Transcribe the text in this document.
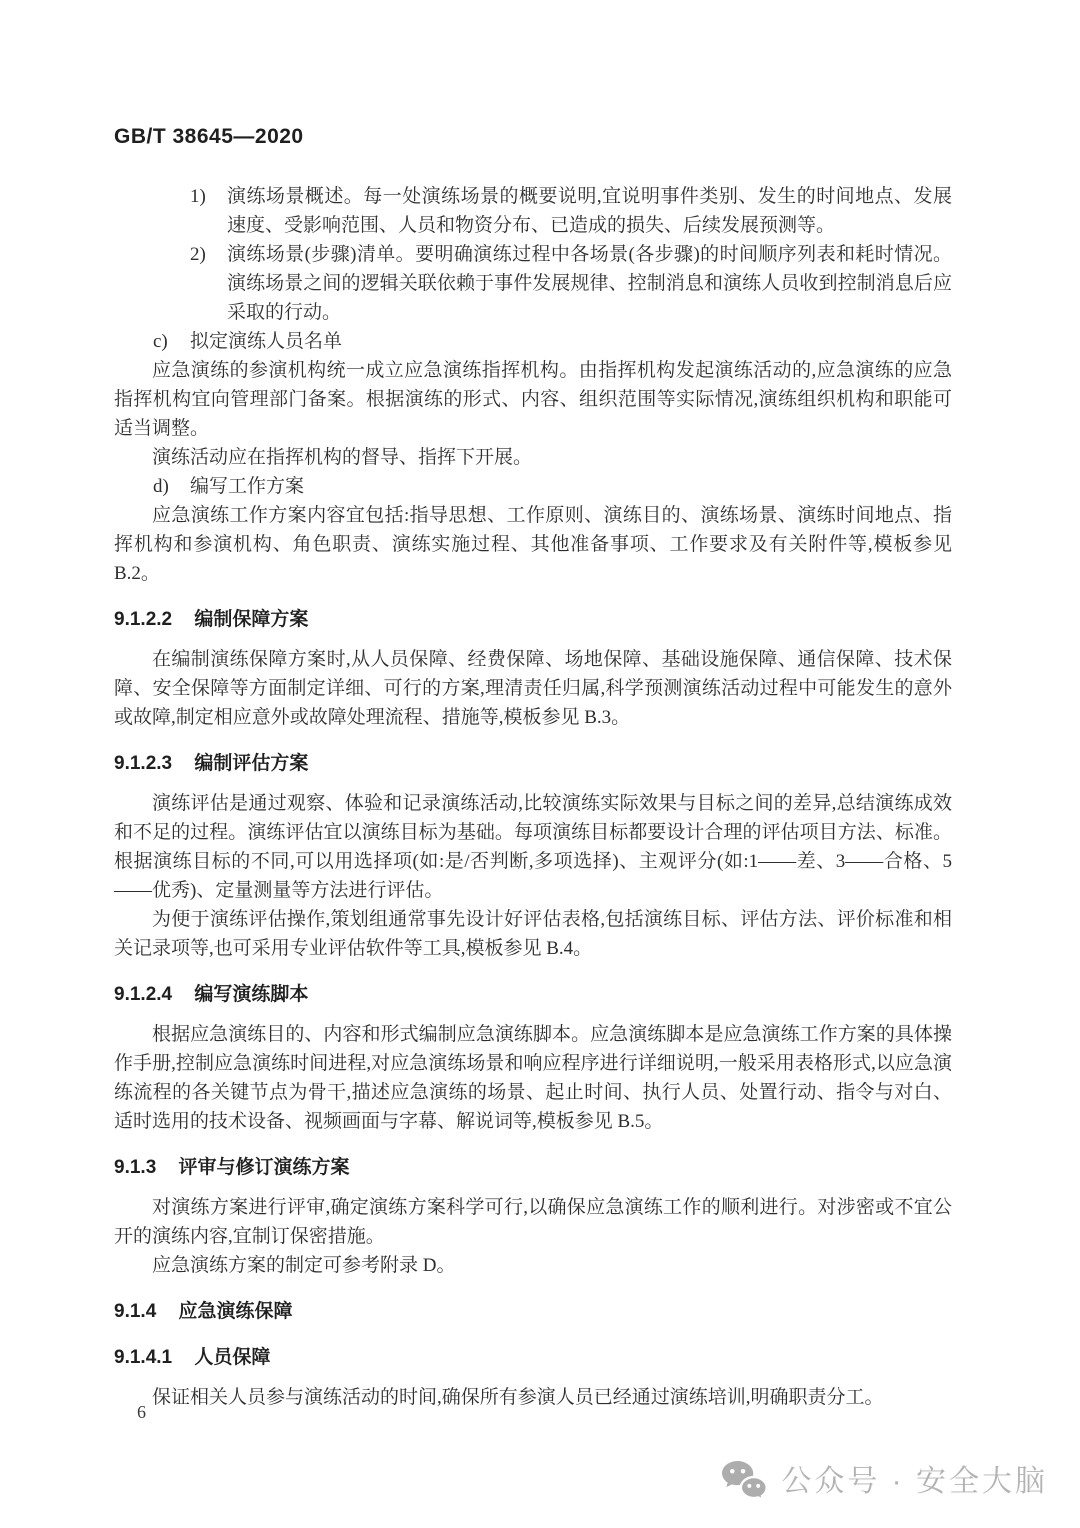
GB/T 38645—2020
1)	演练场景概述。每一处演练场景的概要说明,宜说明事件类别、发生的时间地点、发展速度、受影响范围、人员和物资分布、已造成的损失、后续发展预测等。
2)	演练场景(步骤)清单。要明确演练过程中各场景(各步骤)的时间顺序列表和耗时情况。演练场景之间的逻辑关联依赖于事件发展规律、控制消息和演练人员收到控制消息后应采取的行动。
c)	拟定演练人员名单
应急演练的参演机构统一成立应急演练指挥机构。由指挥机构发起演练活动的,应急演练的应急指挥机构宜向管理部门备案。根据演练的形式、内容、组织范围等实际情况,演练组织机构和职能可适当调整。
演练活动应在指挥机构的督导、指挥下开展。
d)	编写工作方案
应急演练工作方案内容宜包括:指导思想、工作原则、演练目的、演练场景、演练时间地点、指挥机构和参演机构、角色职责、演练实施过程、其他准备事项、工作要求及有关附件等,模板参见 B.2。
9.1.2.2 编制保障方案
在编制演练保障方案时,从人员保障、经费保障、场地保障、基础设施保障、通信保障、技术保障、安全保障等方面制定详细、可行的方案,理清责任归属,科学预测演练活动过程中可能发生的意外或故障,制定相应意外或故障处理流程、措施等,模板参见 B.3。
9.1.2.3 编制评估方案
演练评估是通过观察、体验和记录演练活动,比较演练实际效果与目标之间的差异,总结演练成效和不足的过程。演练评估宜以演练目标为基础。每项演练目标都要设计合理的评估项目方法、标准。根据演练目标的不同,可以用选择项(如:是/否判断,多项选择)、主观评分(如:1——差、3——合格、5——优秀)、定量测量等方法进行评估。
为便于演练评估操作,策划组通常事先设计好评估表格,包括演练目标、评估方法、评价标准和相关记录项等,也可采用专业评估软件等工具,模板参见 B.4。
9.1.2.4 编写演练脚本
根据应急演练目的、内容和形式编制应急演练脚本。应急演练脚本是应急演练工作方案的具体操作手册,控制应急演练时间进程,对应急演练场景和响应程序进行详细说明,一般采用表格形式,以应急演练流程的各关键节点为骨干,描述应急演练的场景、起止时间、执行人员、处置行动、指令与对白、适时选用的技术设备、视频画面与字幕、解说词等,模板参见 B.5。
9.1.3 评审与修订演练方案
对演练方案进行评审,确定演练方案科学可行,以确保应急演练工作的顺利进行。对涉密或不宜公开的演练内容,宜制订保密措施。
应急演练方案的制定可参考附录 D。
9.1.4 应急演练保障
9.1.4.1 人员保障
保证相关人员参与演练活动的时间,确保所有参演人员已经通过演练培训,明确职责分工。
6
公众号 · 安全大脑
